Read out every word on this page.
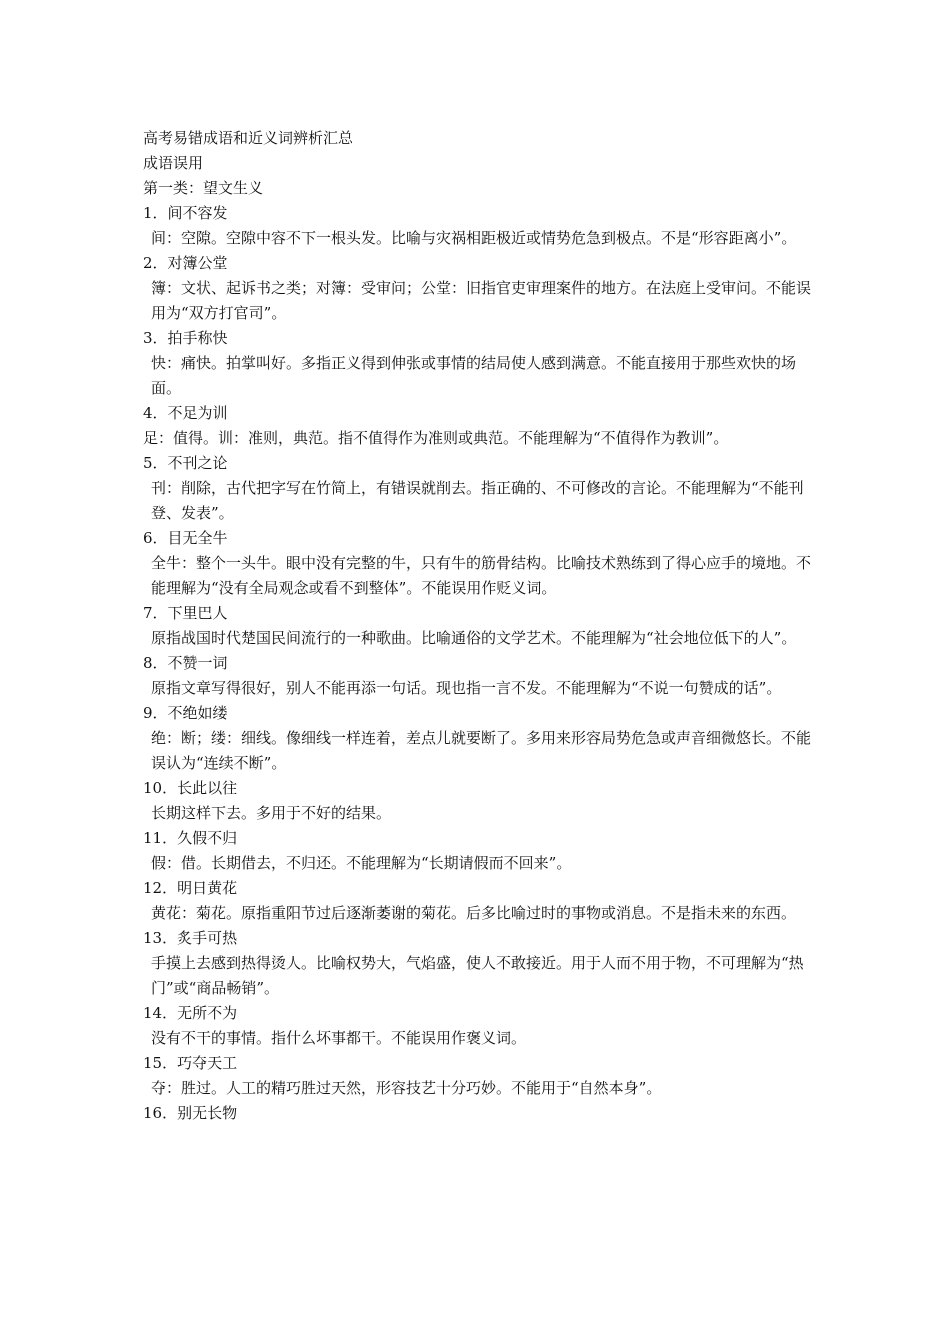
高考易错成语和近义词辨析汇总
成语误用
第一类：望文生义
1．间不容发
间：空隙。空隙中容不下一根头发。比喻与灾祸相距极近或情势危急到极点。不是“形容距离小”。
2．对簿公堂
簿：文状、起诉书之类；对簿：受审问；公堂：旧指官吏审理案件的地方。在法庭上受审问。不能误用为“双方打官司”。
3．拍手称快
快：痛快。拍掌叫好。多指正义得到伸张或事情的结局使人感到满意。不能直接用于那些欢快的场面。
4．不足为训
足：值得。训：准则，典范。指不值得作为准则或典范。不能理解为“不值得作为教训”。
5．不刊之论
刊：削除，古代把字写在竹简上，有错误就削去。指正确的、不可修改的言论。不能理解为“不能刊登、发表”。
6．目无全牛
全牛：整个一头牛。眼中没有完整的牛，只有牛的筋骨结构。比喻技术熟练到了得心应手的境地。不能理解为“没有全局观念或看不到整体”。不能误用作贬义词。
7．下里巴人
原指战国时代楚国民间流行的一种歌曲。比喻通俗的文学艺术。不能理解为“社会地位低下的人”。
8．不赞一词
原指文章写得很好，别人不能再添一句话。现也指一言不发。不能理解为“不说一句赞成的话”。
9．不绝如缕
绝：断；缕：细线。像细线一样连着，差点儿就要断了。多用来形容局势危急或声音细微悠长。不能误认为“连续不断”。
10．长此以往
长期这样下去。多用于不好的结果。
11．久假不归
假：借。长期借去，不归还。不能理解为“长期请假而不回来”。
12．明日黄花
黄花：菊花。原指重阳节过后逐渐萎谢的菊花。后多比喻过时的事物或消息。不是指未来的东西。
13．炙手可热
手摸上去感到热得烫人。比喻权势大，气焰盛，使人不敢接近。用于人而不用于物，不可理解为“热门”或“商品畅销”。
14．无所不为
没有不干的事情。指什么坏事都干。不能误用作褒义词。
15．巧夺天工
夺：胜过。人工的精巧胜过天然，形容技艺十分巧妙。不能用于“自然本身”。
16．别无长物
